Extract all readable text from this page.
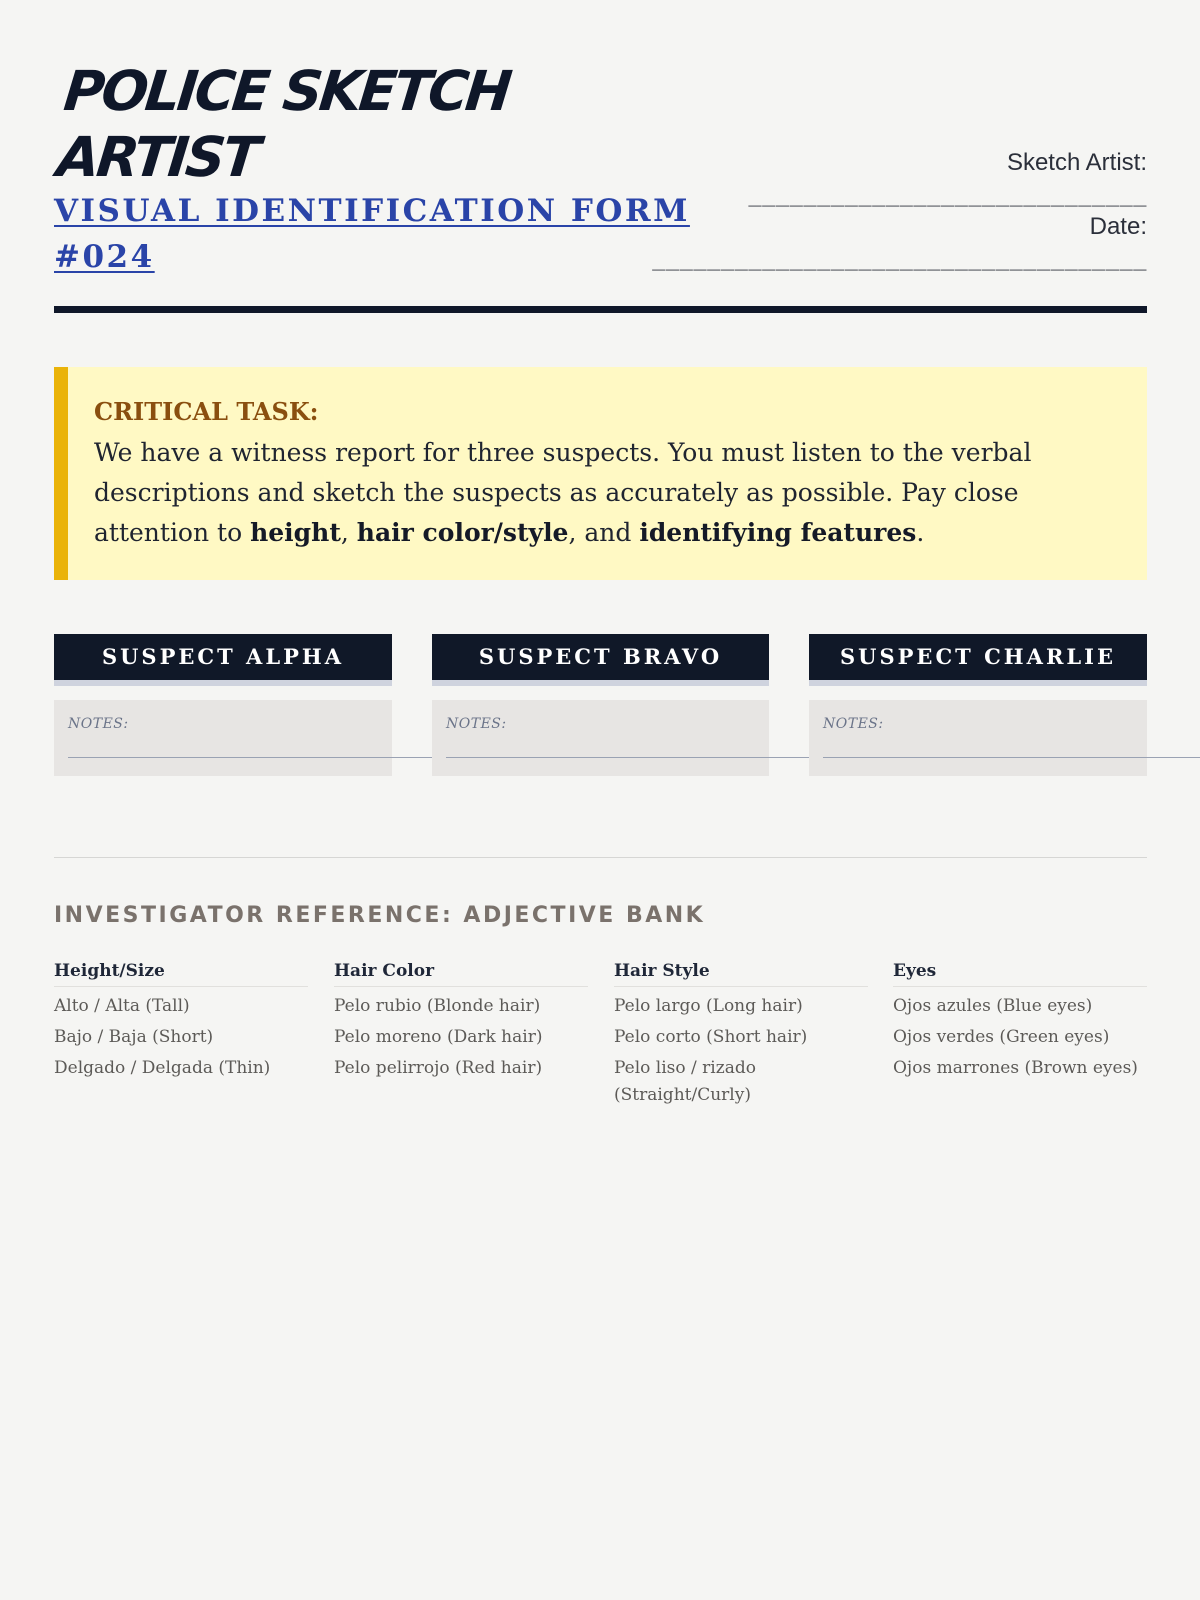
POLICE SKETCH ARTIST
VISUAL IDENTIFICATION FORM #024
Sketch Artist:
_____________________________
Date:
____________________________________
CRITICAL TASK:
We have a witness report for three suspects. You must listen to the verbal descriptions and sketch the suspects as accurately as possible. Pay close attention to height, hair color/style, and identifying features.
SUSPECT ALPHA
NOTES:
SUSPECT BRAVO
NOTES:
SUSPECT CHARLIE
NOTES:
INVESTIGATOR REFERENCE: ADJECTIVE BANK
Height/Size
Alto / Alta (Tall)
Bajo / Baja (Short)
Delgado / Delgada (Thin)
Hair Color
Pelo rubio (Blonde hair)
Pelo moreno (Dark hair)
Pelo pelirrojo (Red hair)
Hair Style
Pelo largo (Long hair)
Pelo corto (Short hair)
Pelo liso / rizado (Straight/Curly)
Eyes
Ojos azules (Blue eyes)
Ojos verdes (Green eyes)
Ojos marrones (Brown eyes)
